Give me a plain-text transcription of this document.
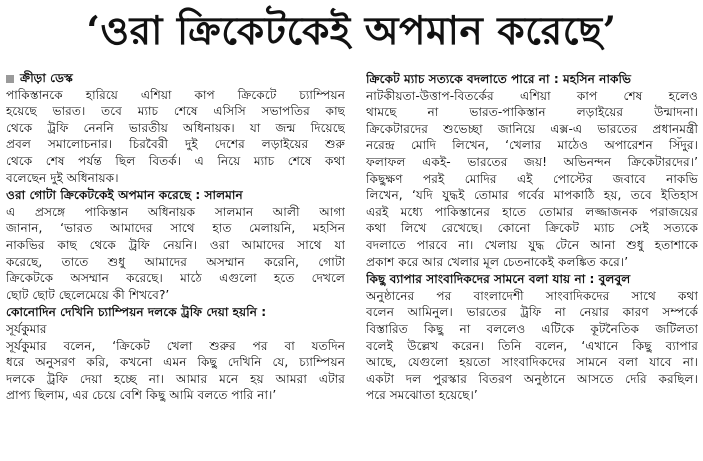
‘ওরা ক্রিকেটকেই অপমান করেছে’
ক্রীড়া ডেস্ক
পাকিস্তানকে হারিয়ে এশিয়া কাপ ক্রিকেটে চ্যাম্পিয়ন
হয়েছে ভারত। তবে ম্যাচ শেষে এসিসি সভাপতির কাছ
থেকে ট্রফি নেননি ভারতীয় অধিনায়ক। যা জন্ম দিয়েছে
প্রবল সমালোচনার। চিরবৈরী দুই দেশের লড়াইয়ের শুরু
থেকে শেষ পর্যন্ত ছিল বিতর্ক। এ নিয়ে ম্যাচ শেষে কথা
বলেছেন দুই অধিনায়ক।
ওরা গোটা ক্রিকেটকেই অপমান করেছে : সালমান
এ প্রসঙ্গে পাকিস্তান অধিনায়ক সালমান আলী আগা
জানান, ‘ভারত আমাদের সাথে হাত মেলায়নি, মহসিন
নাকভির কাছ থেকে ট্রফি নেয়নি। ওরা আমাদের সাথে যা
করেছে, তাতে শুধু আমাদের অসম্মান করেনি, গোটা
ক্রিকেটকে অসম্মান করেছে। মাঠে এগুলো হতে দেখলে
ছোট ছোট ছেলেমেয়ে কী শিখবে?’
কোনোদিন দেখিনি চ্যাম্পিয়ন দলকে ট্রফি দেয়া হয়নি :
সূর্যকুমার
সূর্যকুমার বলেন, ‘ক্রিকেট খেলা শুরুর পর বা যতদিন
ধরে অনুসরণ করি, কখনো এমন কিছু দেখিনি যে, চ্যাম্পিয়ন
দলকে ট্রফি দেয়া হচ্ছে না। আমার মনে হয় আমরা এটার
প্রাপ্য ছিলাম, এর চেয়ে বেশি কিছু আমি বলতে পারি না।’
ক্রিকেট ম্যাচ সত্যকে বদলাতে পারে না : মহসিন নাকভি
নাটকীয়তা-উত্তাপ-বিতর্কের এশিয়া কাপ শেষ হলেও
থামছে না ভারত-পাকিস্তান লড়াইয়ের উন্মাদনা।
ক্রিকেটারদের শুভেচ্ছা জানিয়ে এক্স-এ ভারতের প্রধানমন্ত্রী
নরেন্দ্র মোদি লিখেন, ‘খেলার মাঠেও অপারেশন সিঁদুর।
ফলাফল একই- ভারতের জয়! অভিনন্দন ক্রিকেটারদের।’
কিছুক্ষণ পরই মোদির এই পোস্টের জবাবে নাকভি
লিখেন, ‘যদি যুদ্ধই তোমার গর্বের মাপকাঠি হয়, তবে ইতিহাস
এরই মধ্যে পাকিস্তানের হাতে তোমার লজ্জাজনক পরাজয়ের
কথা লিখে রেখেছে। কোনো ক্রিকেট ম্যাচ সেই সত্যকে
বদলাতে পারবে না। খেলায় যুদ্ধ টেনে আনা শুধু হতাশাকে
প্রকাশ করে আর খেলার মূল চেতনাকেই কলঙ্কিত করে।’
কিছু ব্যাপার সাংবাদিকদের সামনে বলা যায় না : বুলবুল
অনুষ্ঠানের পর বাংলাদেশী সাংবাদিকদের সাথে কথা
বলেন আমিনুল। ভারতের ট্রফি না নেয়ার কারণ সম্পর্কে
বিস্তারিত কিছু না বললেও এটিকে কূটনৈতিক জটিলতা
বলেই উল্লেখ করেন। তিনি বলেন, ‘এখানে কিছু ব্যাপার
আছে, যেগুলো হয়তো সাংবাদিকদের সামনে বলা যাবে না।
একটা দল পুরস্কার বিতরণ অনুষ্ঠানে আসতে দেরি করছিল।
পরে সমঝোতা হয়েছে।’
